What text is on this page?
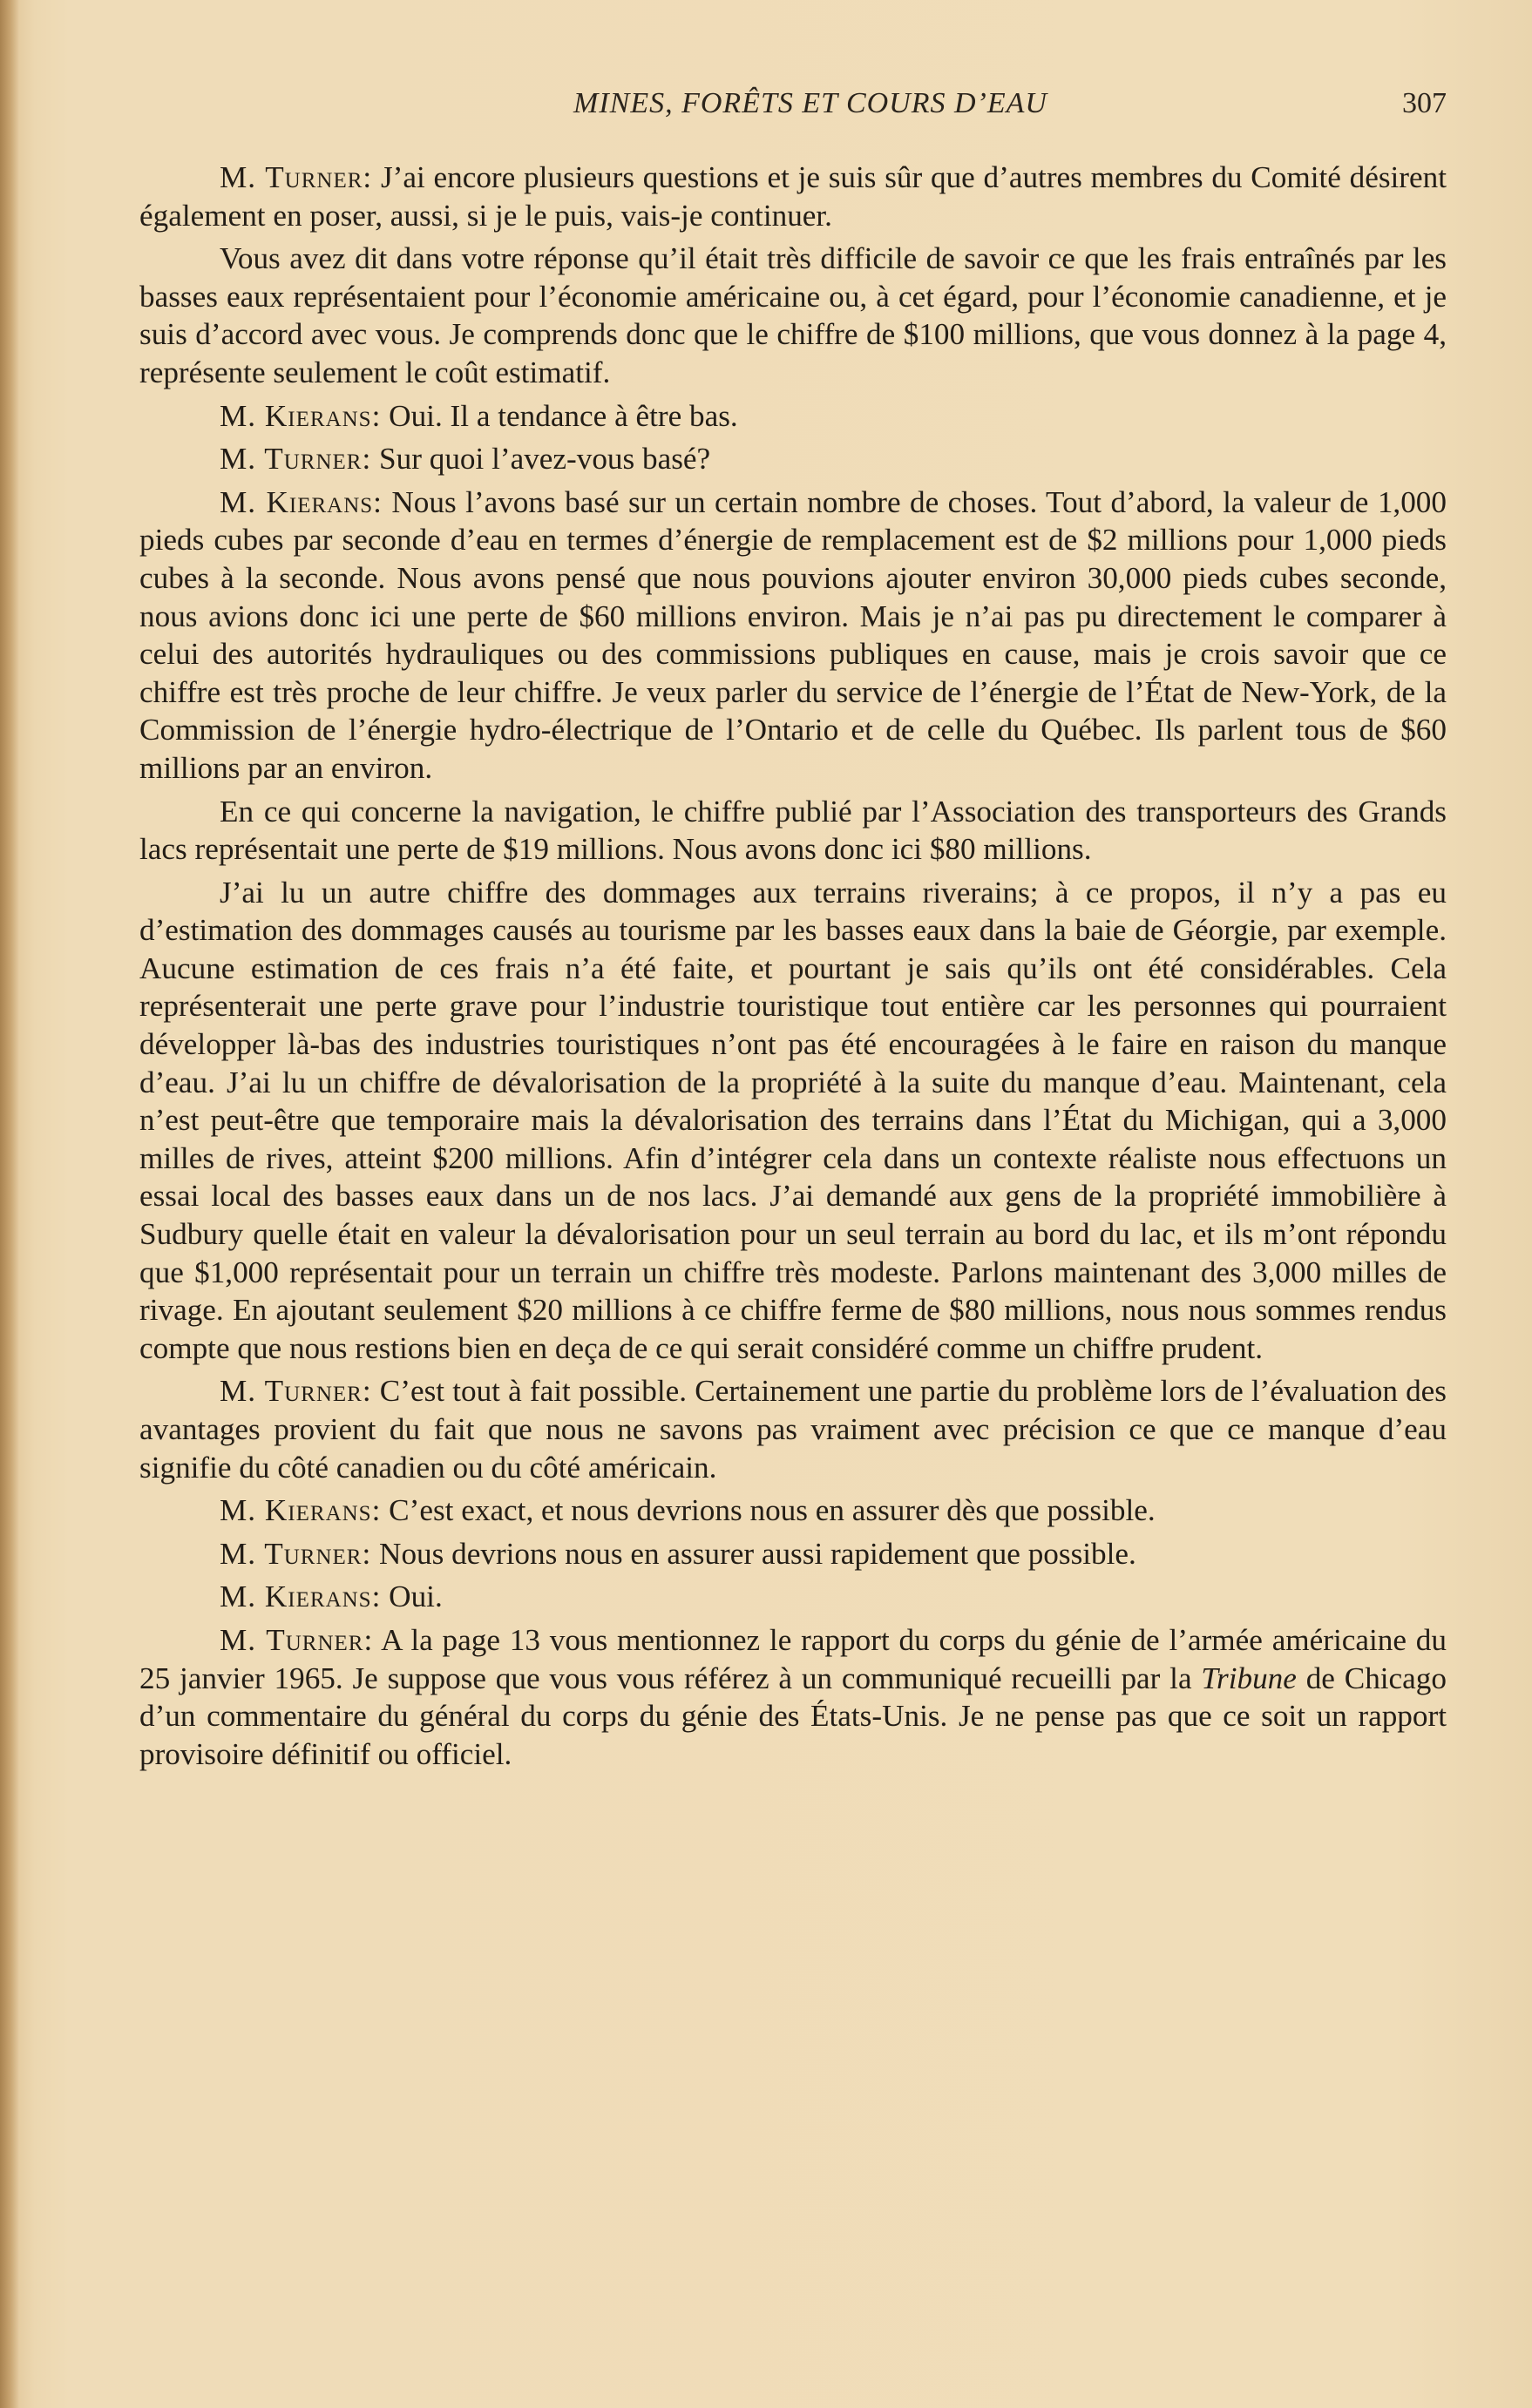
MINES, FORÊTS ET COURS D’EAU	307

M. Turner: J’ai encore plusieurs questions et je suis sûr que d’autres membres du Comité désirent également en poser, aussi, si je le puis, vais-je continuer.

Vous avez dit dans votre réponse qu’il était très difficile de savoir ce que les frais entraînés par les basses eaux représentaient pour l’économie américaine ou, à cet égard, pour l’économie canadienne, et je suis d’accord avec vous. Je comprends donc que le chiffre de $100 millions, que vous donnez à la page 4, représente seulement le coût estimatif.

M. Kierans: Oui. Il a tendance à être bas.

M. Turner: Sur quoi l’avez-vous basé?

M. Kierans: Nous l’avons basé sur un certain nombre de choses. Tout d’abord, la valeur de 1,000 pieds cubes par seconde d’eau en termes d’énergie de remplacement est de $2 millions pour 1,000 pieds cubes à la seconde. Nous avons pensé que nous pouvions ajouter environ 30,000 pieds cubes seconde, nous avions donc ici une perte de $60 millions environ. Mais je n’ai pas pu directement le comparer à celui des autorités hydrauliques ou des commissions publiques en cause, mais je crois savoir que ce chiffre est très proche de leur chiffre. Je veux parler du service de l’énergie de l’État de New-York, de la Commission de l’énergie hydro-électrique de l’Ontario et de celle du Québec. Ils parlent tous de $60 millions par an environ.

En ce qui concerne la navigation, le chiffre publié par l’Association des transporteurs des Grands lacs représentait une perte de $19 millions. Nous avons donc ici $80 millions.

J’ai lu un autre chiffre des dommages aux terrains riverains; à ce propos, il n’y a pas eu d’estimation des dommages causés au tourisme par les basses eaux dans la baie de Géorgie, par exemple. Aucune estimation de ces frais n’a été faite, et pourtant je sais qu’ils ont été considérables. Cela représenterait une perte grave pour l’industrie touristique tout entière car les personnes qui pourraient développer là-bas des industries touristiques n’ont pas été encouragées à le faire en raison du manque d’eau. J’ai lu un chiffre de dévalorisation de la propriété à la suite du manque d’eau. Maintenant, cela n’est peut-être que temporaire mais la dévalorisation des terrains dans l’État du Michigan, qui a 3,000 milles de rives, atteint $200 millions. Afin d’intégrer cela dans un contexte réaliste nous effectuons un essai local des basses eaux dans un de nos lacs. J’ai demandé aux gens de la propriété immobilière à Sudbury quelle était en valeur la dévalorisation pour un seul terrain au bord du lac, et ils m’ont répondu que $1,000 représentait pour un terrain un chiffre très modeste. Parlons maintenant des 3,000 milles de rivage. En ajoutant seulement $20 millions à ce chiffre ferme de $80 millions, nous nous sommes rendus compte que nous restions bien en deça de ce qui serait considéré comme un chiffre prudent.

M. Turner: C’est tout à fait possible. Certainement une partie du problème lors de l’évaluation des avantages provient du fait que nous ne savons pas vraiment avec précision ce que ce manque d’eau signifie du côté canadien ou du côté américain.

M. Kierans: C’est exact, et nous devrions nous en assurer dès que possible.

M. Turner: Nous devrions nous en assurer aussi rapidement que possible.

M. Kierans: Oui.

M. Turner: A la page 13 vous mentionnez le rapport du corps du génie de l’armée américaine du 25 janvier 1965. Je suppose que vous vous référez à un communiqué recueilli par la Tribune de Chicago d’un commentaire du général du corps du génie des États-Unis. Je ne pense pas que ce soit un rapport provisoire définitif ou officiel.
